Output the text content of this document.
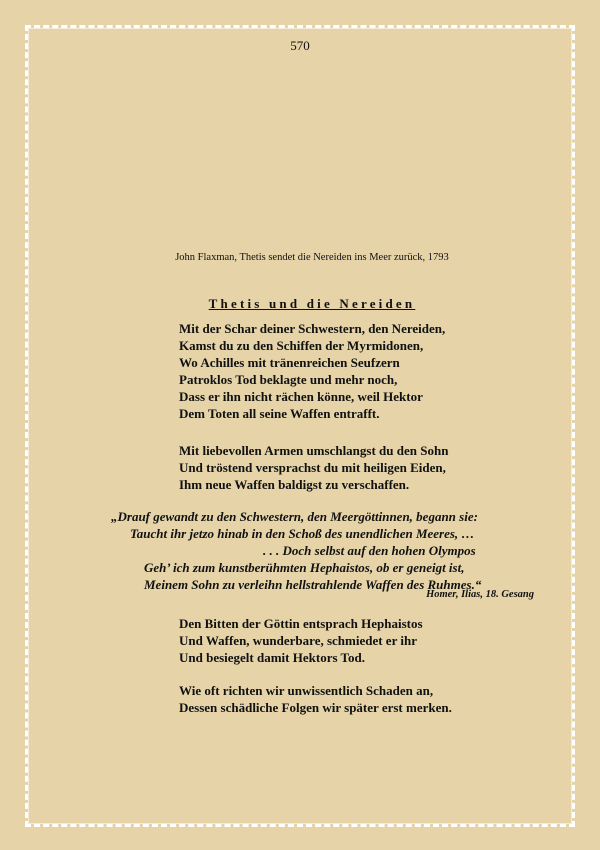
570
John Flaxman, Thetis sendet die Nereiden ins Meer zurück, 1793
Thetis und die Nereiden
Mit der Schar deiner Schwestern, den Nereiden,
Kamst du zu den Schiffen der Myrmidonen,
Wo Achilles mit tränenreichen Seufzern
Patroklos Tod beklagte und mehr noch,
Dass er ihn nicht rächen könne, weil Hektor
Dem Toten all seine Waffen entrafft.
Mit liebevollen Armen umschlangst du den Sohn
Und tröstend versprachst du mit heiligen Eiden,
Ihm neue Waffen baldigst zu verschaffen.
„Drauf gewandt zu den Schwestern, den Meergöttinnen, begann sie:
Taucht ihr jetzo hinab in den Schoß des unendlichen Meeres, …
. . . Doch selbst auf den hohen Olympos
Geh’ ich zum kunstberühmten Hephaistos, ob er geneigt ist,
Meinem Sohn zu verleihn hellstrahlende Waffen des Ruhmes.“
Homer, Ilias, 18. Gesang
Den Bitten der Göttin entsprach Hephaistos
Und Waffen, wunderbare, schmiedet er ihr
Und besiegelt damit Hektors Tod.
Wie oft richten wir unwissentlich Schaden an,
Dessen schädliche Folgen wir später erst merken.
